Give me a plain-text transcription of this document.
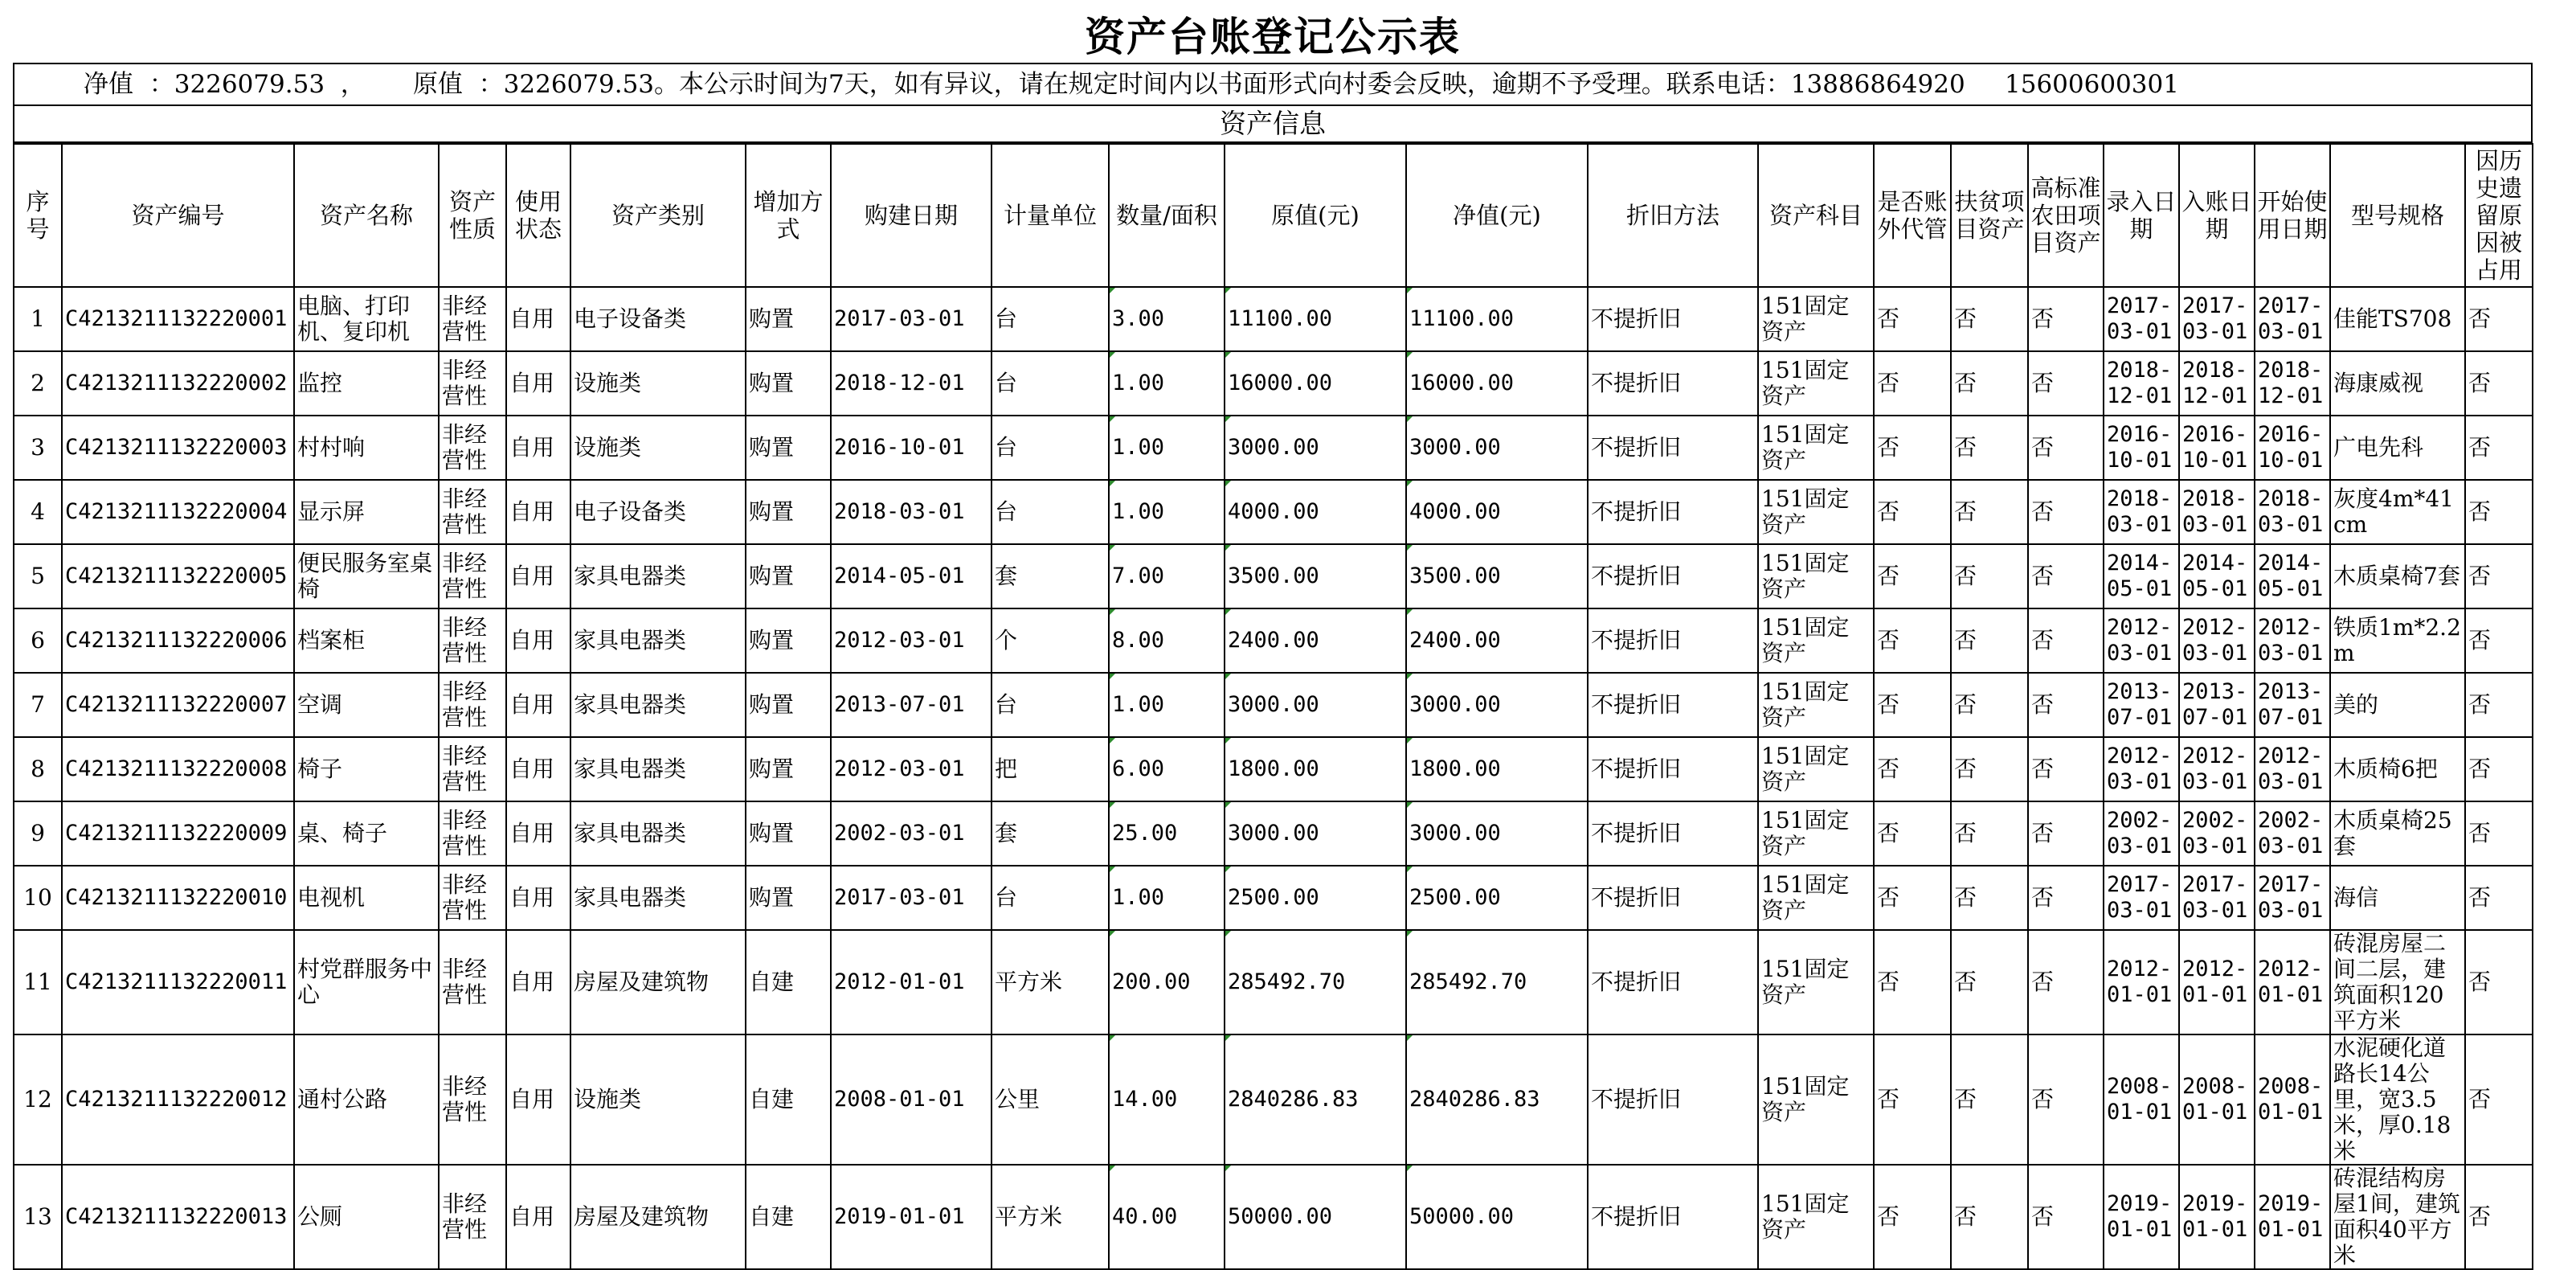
资产台账登记公示表
净值  ：3226079.53  ，      原值  ：3226079.53。本公示时间为7天，如有异议，请在规定时间内以书面形式向村委会反映，逾期不予受理。联系电话：13886864920 15600600301
资产信息
序号	资产编号	资产名称	资产性质	使用状态	资产类别	增加方式	购建日期	计量单位	数量/面积	原值(元)	净值(元)	折旧方法	资产科目	是否账外代管	扶贫项目资产	高标准农田项目资产	录入日期	入账日期	开始使用日期	型号规格	因历史遗留原因被占用
1	C4213211132220001	电脑、打印机、复印机	非经营性	自用	电子设备类	购置	2017-03-01	台	3.00	11100.00	11100.00	不提折旧	151固定资产	否	否	否	2017-03-01	2017-03-01	2017-03-01	佳能TS708	否
2	C4213211132220002	监控	非经营性	自用	设施类	购置	2018-12-01	台	1.00	16000.00	16000.00	不提折旧	151固定资产	否	否	否	2018-12-01	2018-12-01	2018-12-01	海康威视	否
3	C4213211132220003	村村响	非经营性	自用	设施类	购置	2016-10-01	台	1.00	3000.00	3000.00	不提折旧	151固定资产	否	否	否	2016-10-01	2016-10-01	2016-10-01	广电先科	否
4	C4213211132220004	显示屏	非经营性	自用	电子设备类	购置	2018-03-01	台	1.00	4000.00	4000.00	不提折旧	151固定资产	否	否	否	2018-03-01	2018-03-01	2018-03-01	灰度4m*41cm	否
5	C4213211132220005	便民服务室桌椅	非经营性	自用	家具电器类	购置	2014-05-01	套	7.00	3500.00	3500.00	不提折旧	151固定资产	否	否	否	2014-05-01	2014-05-01	2014-05-01	木质桌椅7套	否
6	C4213211132220006	档案柜	非经营性	自用	家具电器类	购置	2012-03-01	个	8.00	2400.00	2400.00	不提折旧	151固定资产	否	否	否	2012-03-01	2012-03-01	2012-03-01	铁质1m*2.2m	否
7	C4213211132220007	空调	非经营性	自用	家具电器类	购置	2013-07-01	台	1.00	3000.00	3000.00	不提折旧	151固定资产	否	否	否	2013-07-01	2013-07-01	2013-07-01	美的	否
8	C4213211132220008	椅子	非经营性	自用	家具电器类	购置	2012-03-01	把	6.00	1800.00	1800.00	不提折旧	151固定资产	否	否	否	2012-03-01	2012-03-01	2012-03-01	木质椅6把	否
9	C4213211132220009	桌、椅子	非经营性	自用	家具电器类	购置	2002-03-01	套	25.00	3000.00	3000.00	不提折旧	151固定资产	否	否	否	2002-03-01	2002-03-01	2002-03-01	木质桌椅25套	否
10	C4213211132220010	电视机	非经营性	自用	家具电器类	购置	2017-03-01	台	1.00	2500.00	2500.00	不提折旧	151固定资产	否	否	否	2017-03-01	2017-03-01	2017-03-01	海信	否
11	C4213211132220011	村党群服务中心	非经营性	自用	房屋及建筑物	自建	2012-01-01	平方米	200.00	285492.70	285492.70	不提折旧	151固定资产	否	否	否	2012-01-01	2012-01-01	2012-01-01	砖混房屋二间二层，建筑面积120平方米	否
12	C4213211132220012	通村公路	非经营性	自用	设施类	自建	2008-01-01	公里	14.00	2840286.83	2840286.83	不提折旧	151固定资产	否	否	否	2008-01-01	2008-01-01	2008-01-01	水泥硬化道路长14公里，宽3.5米，厚0.18米	否
13	C4213211132220013	公厕	非经营性	自用	房屋及建筑物	自建	2019-01-01	平方米	40.00	50000.00	50000.00	不提折旧	151固定资产	否	否	否	2019-01-01	2019-01-01	2019-01-01	砖混结构房屋1间，建筑面积40平方米	否
